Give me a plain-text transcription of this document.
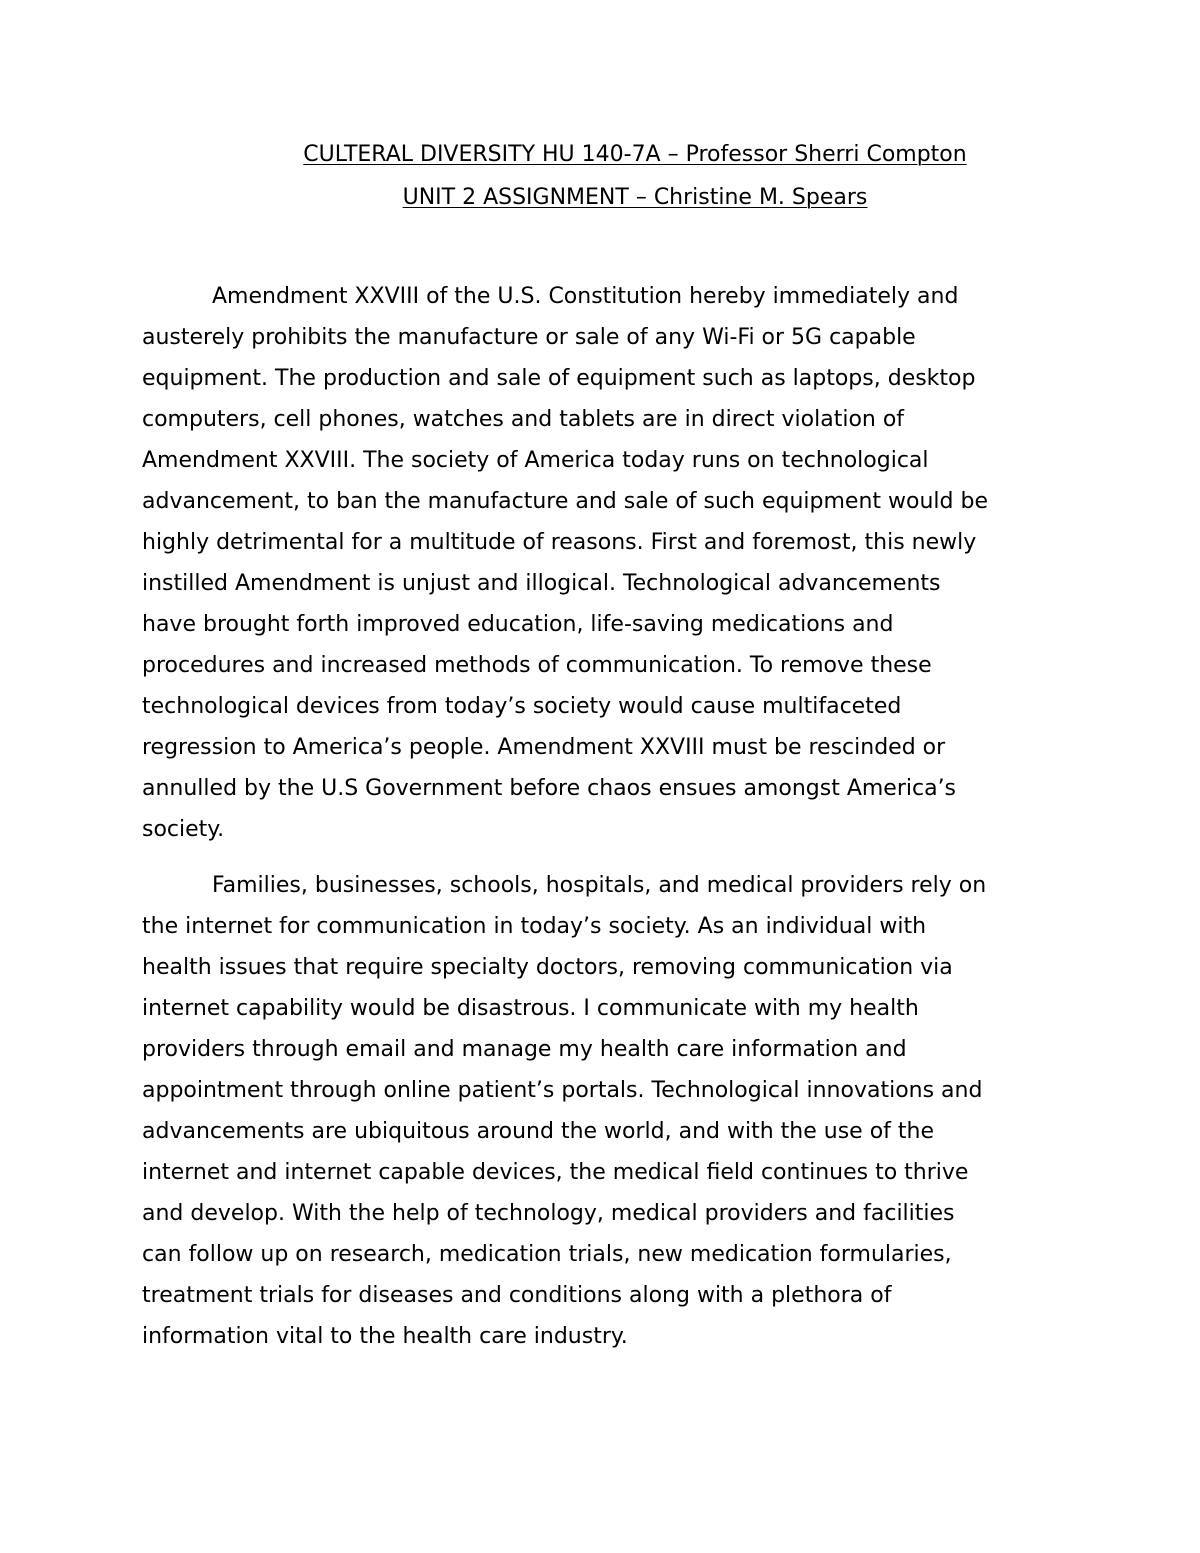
CULTERAL DIVERSITY HU 140-7A – Professor Sherri Compton
UNIT 2 ASSIGNMENT – Christine M. Spears
Amendment XXVIII of the U.S. Constitution hereby immediately and
austerely prohibits the manufacture or sale of any Wi-Fi or 5G capable
equipment. The production and sale of equipment such as laptops, desktop
computers, cell phones, watches and tablets are in direct violation of
Amendment XXVIII. The society of America today runs on technological
advancement, to ban the manufacture and sale of such equipment would be
highly detrimental for a multitude of reasons. First and foremost, this newly
instilled Amendment is unjust and illogical. Technological advancements
have brought forth improved education, life-saving medications and
procedures and increased methods of communication. To remove these
technological devices from today’s society would cause multifaceted
regression to America’s people. Amendment XXVIII must be rescinded or
annulled by the U.S Government before chaos ensues amongst America’s
society.
Families, businesses, schools, hospitals, and medical providers rely on
the internet for communication in today’s society. As an individual with
health issues that require specialty doctors, removing communication via
internet capability would be disastrous. I communicate with my health
providers through email and manage my health care information and
appointment through online patient’s portals. Technological innovations and
advancements are ubiquitous around the world, and with the use of the
internet and internet capable devices, the medical field continues to thrive
and develop. With the help of technology, medical providers and facilities
can follow up on research, medication trials, new medication formularies,
treatment trials for diseases and conditions along with a plethora of
information vital to the health care industry.
